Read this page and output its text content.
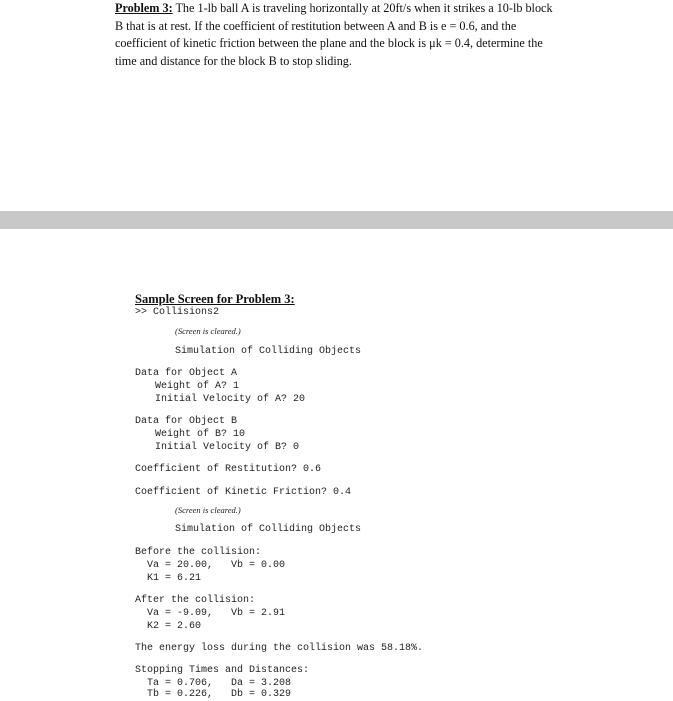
Problem 3: The 1-lb ball A is traveling horizontally at 20ft/s when it strikes a 10-lb block
B that is at rest. If the coefficient of restitution between A and B is e = 0.6, and the
coefficient of kinetic friction between the plane and the block is μk = 0.4, determine the
time and distance for the block B to stop sliding.
Sample Screen for Problem 3:
>> Collisions2
(Screen is cleared.)
Simulation of Colliding Objects
Data for Object A
Weight of A? 1
Initial Velocity of A? 20
Data for Object B
Weight of B? 10
Initial Velocity of B? 0
Coefficient of Restitution? 0.6
Coefficient of Kinetic Friction? 0.4
(Screen is cleared.)
Simulation of Colliding Objects
Before the collision:
Va = 20.00,   Vb = 0.00
K1 = 6.21
After the collision:
Va = -9.09,   Vb = 2.91
K2 = 2.60
The energy loss during the collision was 58.18%.
Stopping Times and Distances:
Ta = 0.706,   Da = 3.208
Tb = 0.226,   Db = 0.329
